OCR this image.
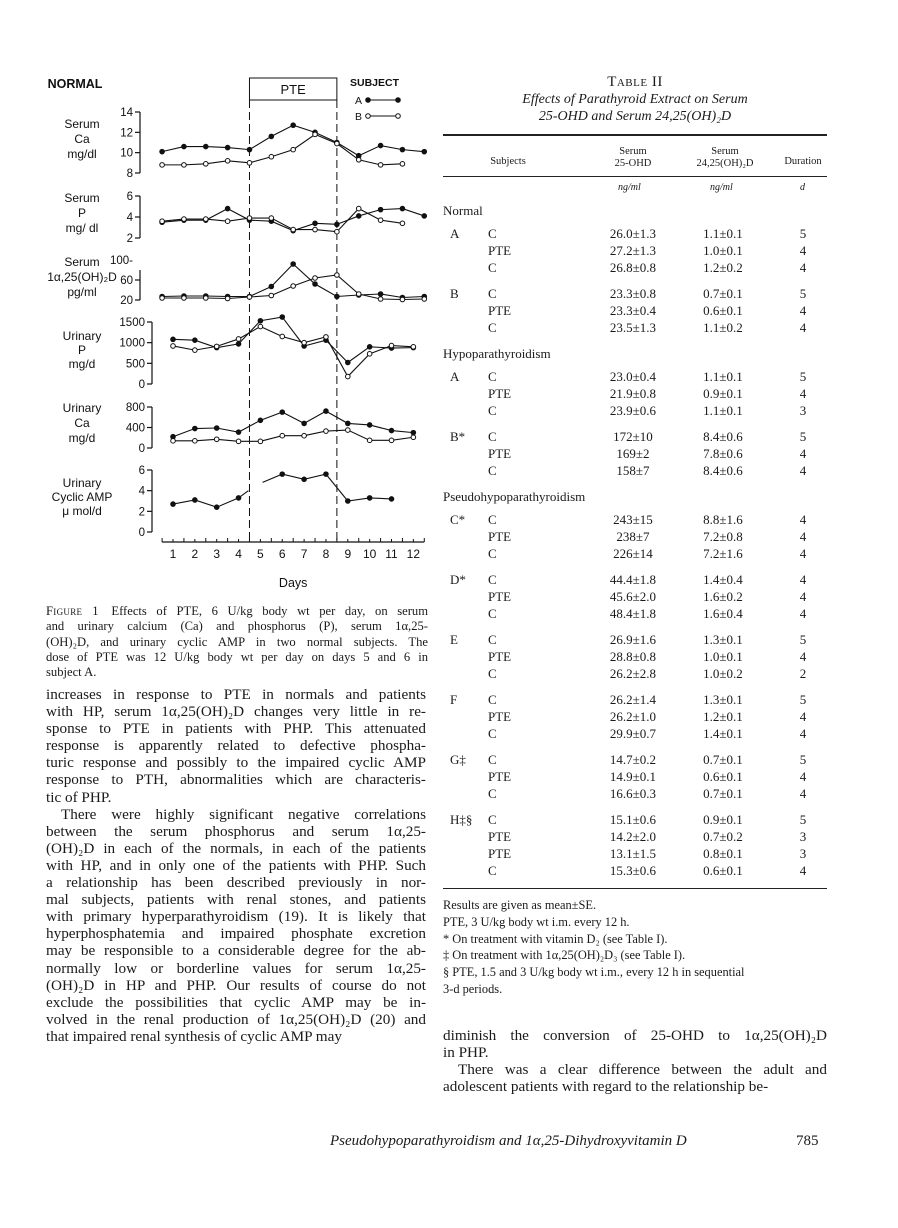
NORMAL	PTE	SUBJECT
A
B
Serum
Ca
mg/dl
8
10
12
14
Serum
P
mg/ dl
2
4
6
Serum
1α,25(OH)₂D
pg/ml
20
60
100-
Urinary
P
mg/d
0
500
1000
1500
Urinary
Ca
mg/d
0
400
800
Urinary
Cyclic AMP
μ mol/d
0
2
4
6
1 2 3 4 5 6 7 8 9 10 11 12
Days
Figure 1  Effects of PTE, 6 U/kg body wt per day, on serum
and urinary calcium (Ca) and phosphorus (P), serum 1α,25-
(OH)₂D, and urinary cyclic AMP in two normal subjects. The
dose of PTE was 12 U/kg body wt per day on days 5 and 6 in
subject A.
Table II
Effects of Parathyroid Extract on Serum
25-OHD and Serum 24,25(OH)₂D
Subjects
Serum
25-OHD
Serum
24,25(OH)₂D	Duration
ng/ml	ng/ml	d
Normal
A C	26.0±1.3	1.1±0.1	5
PTE	27.2±1.3	1.0±0.1	4
C	26.8±0.8	1.2±0.2	4
B C	23.3±0.8	0.7±0.1	5
PTE	23.3±0.4	0.6±0.1	4
C	23.5±1.3	1.1±0.2	4
Hypoparathyroidism
A C	23.0±0.4	1.1±0.1	5
PTE	21.9±0.8	0.9±0.1	4
C	23.9±0.6	1.1±0.1	3
B* C	172±10	8.4±0.6	5
PTE	169±2	7.8±0.6	4
C	158±7	8.4±0.6	4
Pseudohypoparathyroidism
C* C	243±15	8.8±1.6	4
PTE	238±7	7.2±0.8	4
C	226±14	7.2±1.6	4
D* C	44.4±1.8	1.4±0.4	4
PTE	45.6±2.0	1.6±0.2	4
C	48.4±1.8	1.6±0.4	4
E C	26.9±1.6	1.3±0.1	5
PTE	28.8±0.8	1.0±0.1	4
C	26.2±2.8	1.0±0.2	2
F C	26.2±1.4	1.3±0.1	5
PTE	26.2±1.0	1.2±0.1	4
C	29.9±0.7	1.4±0.1	4
G‡ C	14.7±0.2	0.7±0.1	5
PTE	14.9±0.1	0.6±0.1	4
C	16.6±0.3	0.7±0.1	4
H‡§ C	15.1±0.6	0.9±0.1	5
PTE	14.2±2.0	0.7±0.2	3
PTE	13.1±1.5	0.8±0.1	3
C	15.3±0.6	0.6±0.1	4
Results are given as mean±SE.
PTE, 3 U/kg body wt i.m. every 12 h.
* On treatment with vitamin D₂ (see Table I).
‡ On treatment with 1α,25(OH)₂D₃ (see Table I).
§ PTE, 1.5 and 3 U/kg body wt i.m., every 12 h in sequential
3-d periods.
increases in response to PTE in normals and patients
with HP, serum 1α,25(OH)₂D changes very little in re-
sponse to PTE in patients with PHP. This attenuated
response is apparently related to defective phospha-
turic response and possibly to the impaired cyclic AMP
response to PTH, abnormalities which are characteris-
tic of PHP.
There were highly significant negative correlations
between the serum phosphorus and serum 1α,25-
(OH)₂D in each of the normals, in each of the patients
with HP, and in only one of the patients with PHP. Such
a relationship has been described previously in nor-
mal subjects, patients with renal stones, and patients
with primary hyperparathyroidism (19). It is likely that
hyperphosphatemia and impaired phosphate excretion
may be responsible to a considerable degree for the ab-
normally low or borderline values for serum 1α,25-
(OH)₂D in HP and PHP. Our results of course do not
exclude the possibilities that cyclic AMP may be in-
volved in the renal production of 1α,25(OH)₂D (20) and
that impaired renal synthesis of cyclic AMP may	diminish the conversion of 25-OHD to 1α,25(OH)₂D
in PHP.
There was a clear difference between the adult and
adolescent patients with regard to the relationship be-
Pseudohypoparathyroidism and 1α,25-Dihydroxyvitamin D	785
